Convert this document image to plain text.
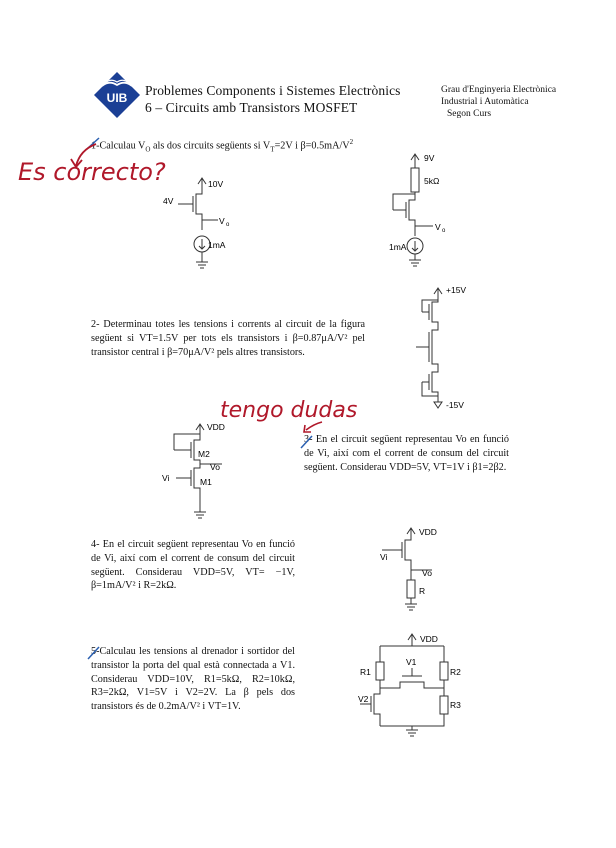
UIB Problemes Components i Sistemes Electrònics
6 – Circuits amb Transistors MOSFET
Grau d'Enginyeria Electrònica
Industrial i Automàtica
Segon Curs
1-Calculau $V_O$ als dos circuits següents si $V_T=2V$ i $\beta=0.5mA/V^2$
Es correcto?	10V
4V
V o
1mA
9V
5kΩ
V o
1mA
2- Determinau totes les tensions i corrents al circuit de la figura següent si VT=1.5V per tots els transistors i β=0.87μA/V² pel transistor central i β=70μA/V² pels altres transistors.
+15V
-15V
tengo dudas
VDD
M2
Vo
Vi	M1
3- En el circuit següent representau Vo en funció de Vi, així com el corrent de consum del circuit següent. Considerau VDD=5V, VT=1V i β1=2β2.
4- En el circuit següent representau Vo en funció de Vi, així com el corrent de consum del circuit següent. Considerau VDD=5V, VT= −1V, β=1mA/V² i R=2kΩ.
VDD
Vi
Vo
R
5-Calculau les tensions al drenador i sortidor del transistor la porta del qual està connectada a V1. Considerau VDD=10V, R1=5kΩ, R2=10kΩ, R3=2kΩ, V1=5V i V2=2V. La β pels dos transistors és de 0.2mA/V² i VT=1V.
VDD
R1	R2
V1
V2
R3
